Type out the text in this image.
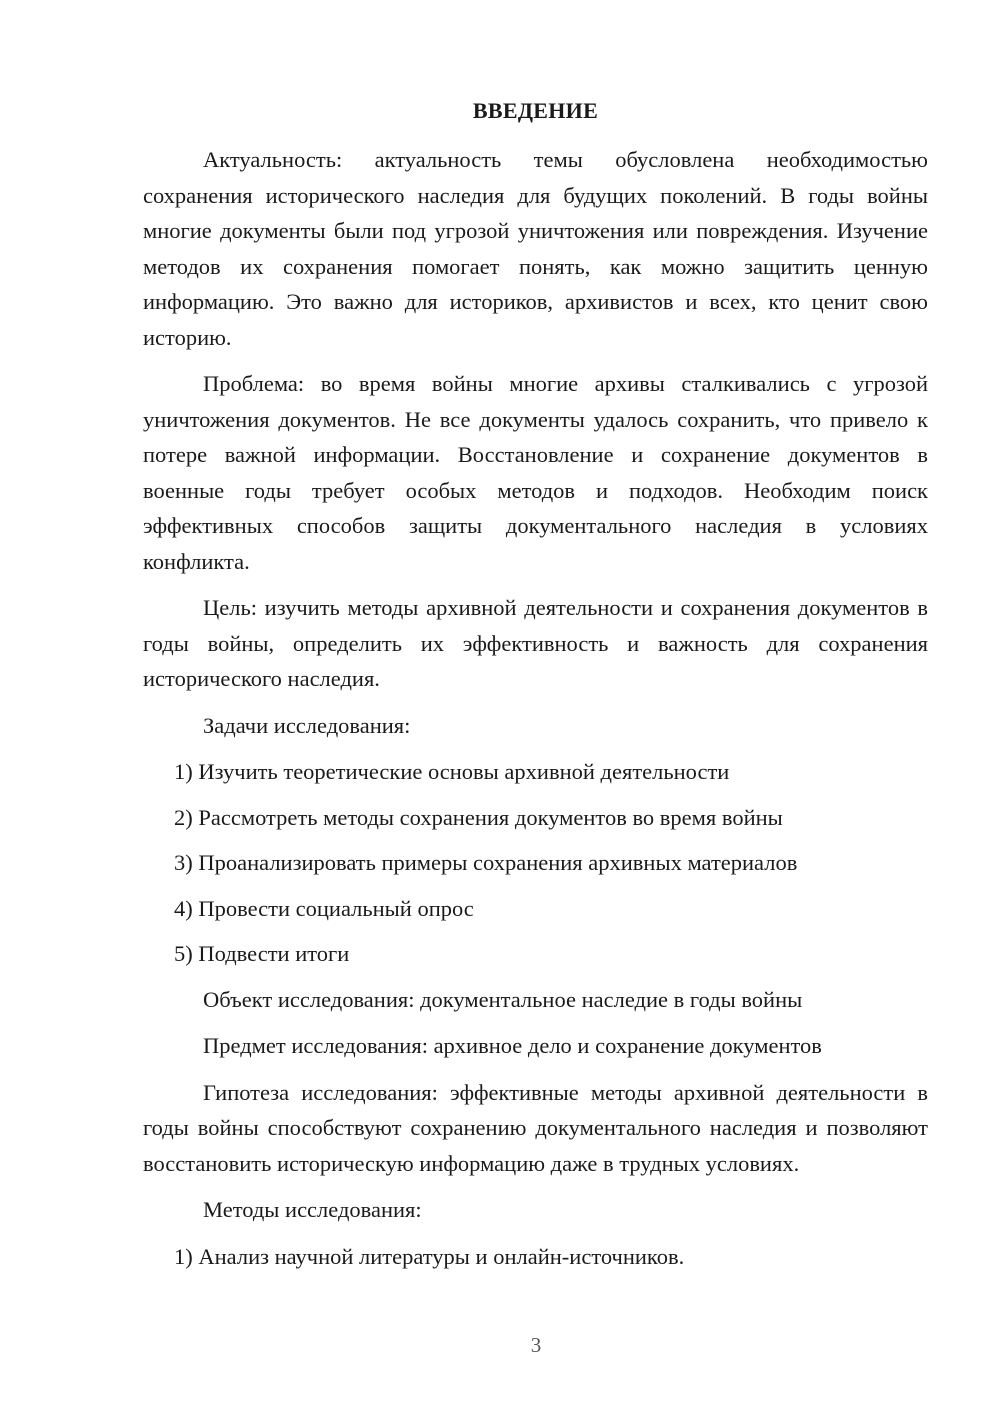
ВВЕДЕНИЕ

Актуальность: актуальность темы обусловлена необходимостью сохранения исторического наследия для будущих поколений. В годы войны многие документы были под угрозой уничтожения или повреждения. Изучение методов их сохранения помогает понять, как можно защитить ценную информацию. Это важно для историков, архивистов и всех, кто ценит свою историю.

Проблема: во время войны многие архивы сталкивались с угрозой уничтожения документов. Не все документы удалось сохранить, что привело к потере важной информации. Восстановление и сохранение документов в военные годы требует особых методов и подходов. Необходим поиск эффективных способов защиты документального наследия в условиях конфликта.

Цель: изучить методы архивной деятельности и сохранения документов в годы войны, определить их эффективность и важность для сохранения исторического наследия.

Задачи исследования:

1) Изучить теоретические основы архивной деятельности
2) Рассмотреть методы сохранения документов во время войны
3) Проанализировать примеры сохранения архивных материалов
4) Провести социальный опрос
5) Подвести итоги

Объект исследования: документальное наследие в годы войны

Предмет исследования: архивное дело и сохранение документов

Гипотеза исследования: эффективные методы архивной деятельности в годы войны способствуют сохранению документального наследия и позволяют восстановить историческую информацию даже в трудных условиях.

Методы исследования:

1) Анализ научной литературы и онлайн-источников.
3
